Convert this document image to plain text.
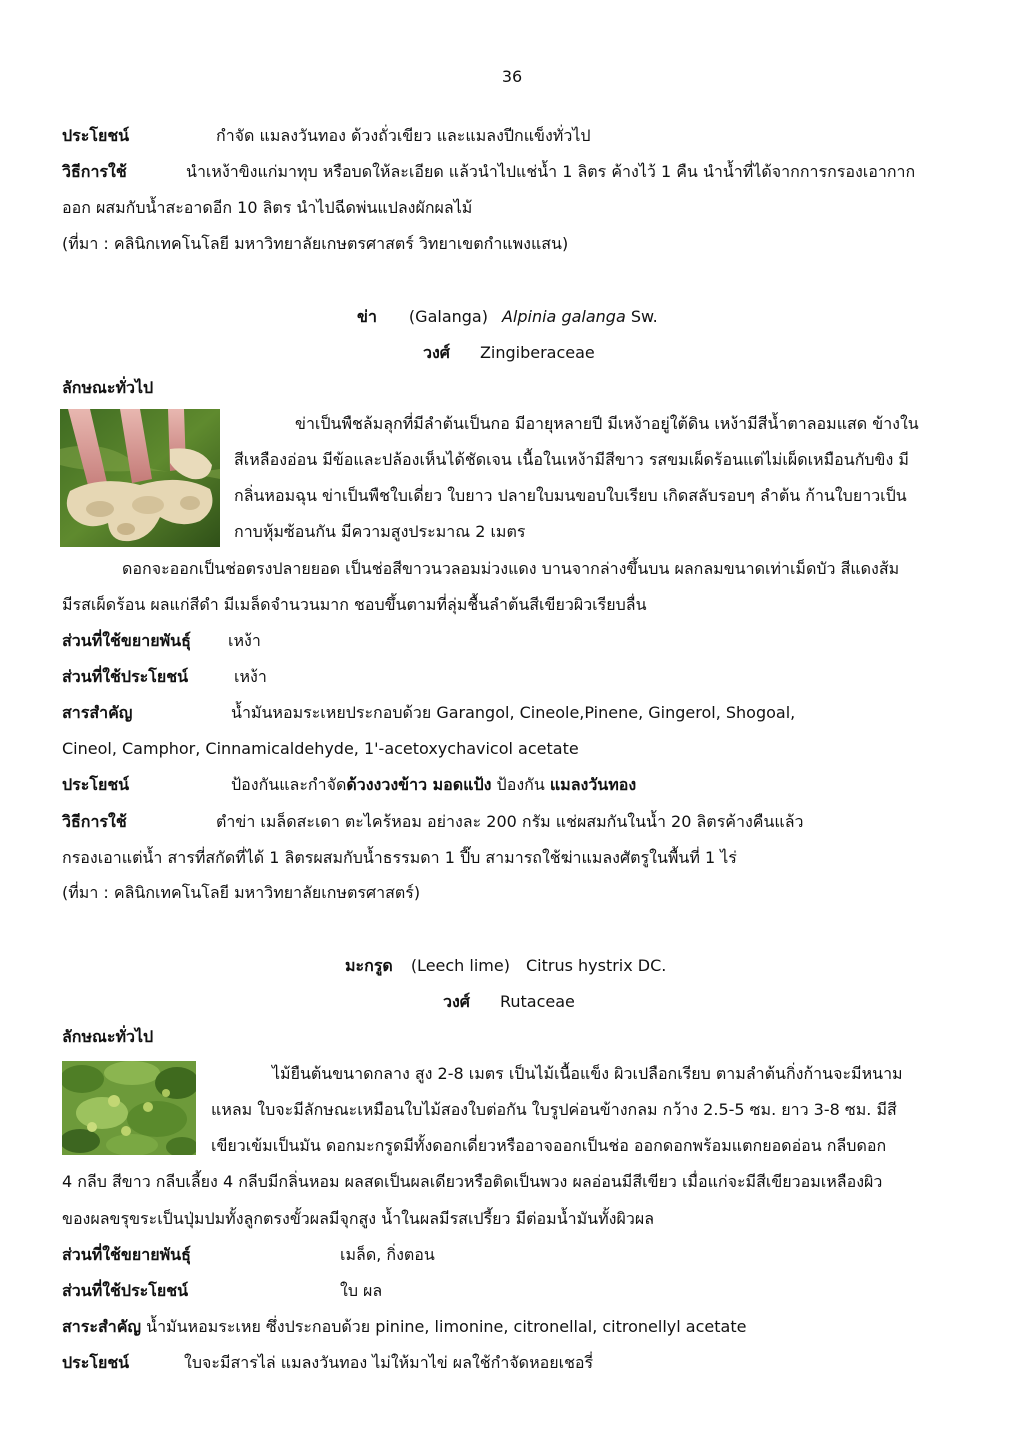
36
ประโยชน์	กำจัด แมลงวันทอง ด้วงถั่วเขียว และแมลงปีกแข็งทั่วไป
วิธีการใช้	นำเหง้าขิงแก่มาทุบ หรือบดให้ละเอียด แล้วนำไปแช่น้ำ 1 ลิตร ค้างไว้ 1 คืน นำน้ำที่ได้จากการกรองเอากาก
ออก ผสมกับน้ำสะอาดอีก 10 ลิตร นำไปฉีดพ่นแปลงผักผลไม้
(ที่มา : คลินิกเทคโนโลยี มหาวิทยาลัยเกษตรศาสตร์ วิทยาเขตกำแพงแสน)
ข่า (Galanga) Alpinia galanga Sw.
วงศ์ Zingiberaceae
ลักษณะทั่วไป
ข่าเป็นพืชล้มลุกที่มีลำต้นเป็นกอ มีอายุหลายปี มีเหง้าอยู่ใต้ดิน เหง้ามีสีน้ำตาลอมแสด ข้างใน
สีเหลืองอ่อน มีข้อและปล้องเห็นได้ชัดเจน เนื้อในเหง้ามีสีขาว รสขมเผ็ดร้อนแต่ไม่เผ็ดเหมือนกับขิง มี
กลิ่นหอมฉุน ข่าเป็นพืชใบเดี่ยว ใบยาว ปลายใบมนขอบใบเรียบ เกิดสลับรอบๆ ลำต้น ก้านใบยาวเป็น
กาบหุ้มซ้อนกัน มีความสูงประมาณ 2 เมตร
ดอกจะออกเป็นช่อตรงปลายยอด เป็นช่อสีขาวนวลอมม่วงแดง บานจากล่างขึ้นบน ผลกลมขนาดเท่าเม็ดบัว สีแดงส้ม
มีรสเผ็ดร้อน ผลแก่สีดำ มีเมล็ดจำนวนมาก ชอบขึ้นตามที่ลุ่มชื้นลำต้นสีเขียวผิวเรียบลื่น
ส่วนที่ใช้ขยายพันธุ์ เหง้า
ส่วนที่ใช้ประโยชน์	เหง้า
สารสำคัญ	น้ำมันหอมระเหยประกอบด้วย Garangol, Cineole,Pinene, Gingerol, Shogoal,
Cineol, Camphor, Cinnamicaldehyde, 1'-acetoxychavicol acetate
ประโยชน์	ป้องกันและกำจัดด้วงงวงข้าว มอดแป้ง ป้องกัน แมลงวันทอง
วิธีการใช้	ตำข่า เมล็ดสะเดา ตะไคร้หอม อย่างละ 200 กรัม แช่ผสมกันในน้ำ 20 ลิตรค้างคืนแล้ว
กรองเอาแต่น้ำ สารที่สกัดที่ได้ 1 ลิตรผสมกับน้ำธรรมดา 1 ปี๊บ สามารถใช้ฆ่าแมลงศัตรูในพื้นที่ 1 ไร่
(ที่มา : คลินิกเทคโนโลยี มหาวิทยาลัยเกษตรศาสตร์)
มะกรูด (Leech lime) Citrus hystrix DC.
วงศ์ Rutaceae
ลักษณะทั่วไป
ไม้ยืนต้นขนาดกลาง สูง 2-8 เมตร เป็นไม้เนื้อแข็ง ผิวเปลือกเรียบ ตามลำต้นกิ่งก้านจะมีหนาม
แหลม ใบจะมีลักษณะเหมือนใบไม้สองใบต่อกัน ใบรูปค่อนข้างกลม กว้าง 2.5-5 ซม. ยาว 3-8 ซม. มีสี
เขียวเข้มเป็นมัน ดอกมะกรูดมีทั้งดอกเดี่ยวหรืออาจออกเป็นช่อ ออกดอกพร้อมแตกยอดอ่อน กลีบดอก
4 กลีบ สีขาว กลีบเลี้ยง 4 กลีบมีกลิ่นหอม ผลสดเป็นผลเดียวหรือติดเป็นพวง ผลอ่อนมีสีเขียว เมื่อแก่จะมีสีเขียวอมเหลืองผิว
ของผลขรุขระเป็นปุ่มปมทั้งลูกตรงขั้วผลมีจุกสูง น้ำในผลมีรสเปรี้ยว มีต่อมน้ำมันทั้งผิวผล
ส่วนที่ใช้ขยายพันธุ์	เมล็ด, กิ่งตอน
ส่วนที่ใช้ประโยชน์	ใบ ผล
สาระสำคัญ น้ำมันหอมระเหย ซึ่งประกอบด้วย pinine, limonine, citronellal, citronellyl acetate
ประโยชน์	ใบจะมีสารไล่ แมลงวันทอง ไม่ให้มาไข่ ผลใช้กำจัดหอยเชอรี่
